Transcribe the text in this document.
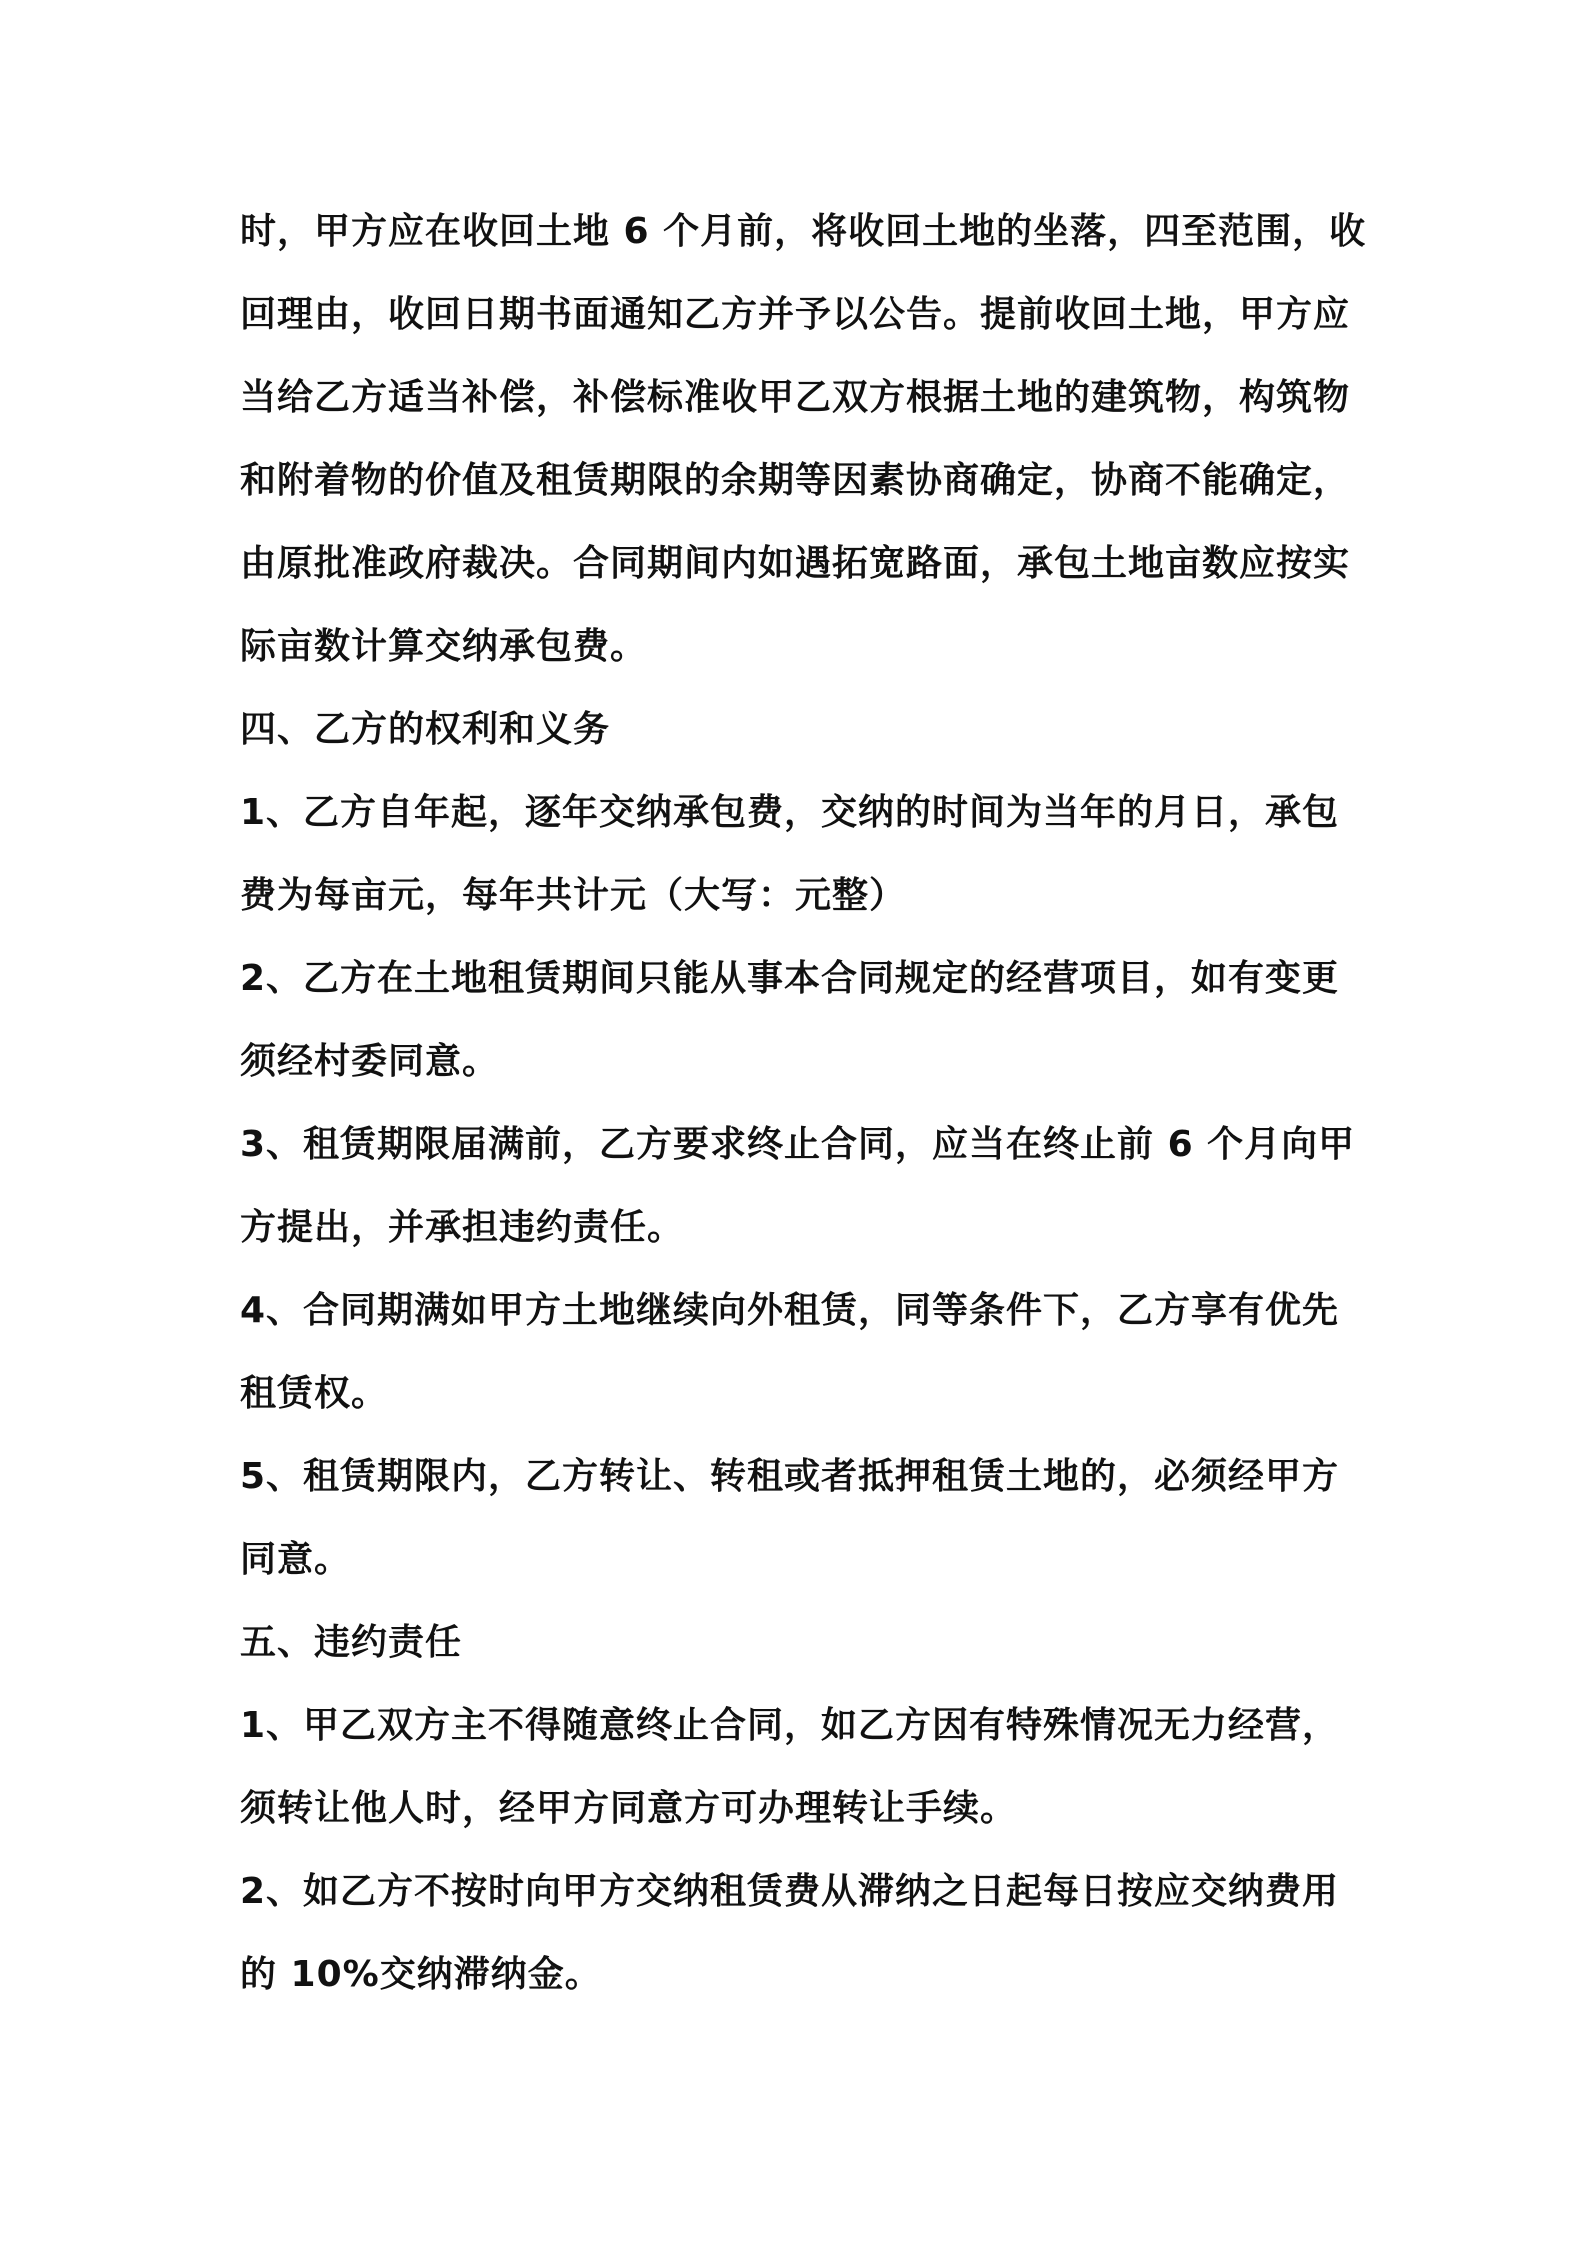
时，甲方应在收回土地 6 个月前，将收回土地的坐落，四至范围，收
回理由，收回日期书面通知乙方并予以公告。提前收回土地，甲方应
当给乙方适当补偿，补偿标准收甲乙双方根据土地的建筑物，构筑物
和附着物的价值及租赁期限的余期等因素协商确定，协商不能确定，
由原批准政府裁决。合同期间内如遇拓宽路面，承包土地亩数应按实
际亩数计算交纳承包费。
四、乙方的权利和义务
1、乙方自年起，逐年交纳承包费，交纳的时间为当年的月日，承包
费为每亩元，每年共计元（大写：元整）
2、乙方在土地租赁期间只能从事本合同规定的经营项目，如有变更
须经村委同意。
3、租赁期限届满前，乙方要求终止合同，应当在终止前 6 个月向甲
方提出，并承担违约责任。
4、合同期满如甲方土地继续向外租赁，同等条件下，乙方享有优先
租赁权。
5、租赁期限内，乙方转让、转租或者抵押租赁土地的，必须经甲方
同意。
五、违约责任
1、甲乙双方主不得随意终止合同，如乙方因有特殊情况无力经营，
须转让他人时，经甲方同意方可办理转让手续。
2、如乙方不按时向甲方交纳租赁费从滞纳之日起每日按应交纳费用
的 10%交纳滞纳金。
